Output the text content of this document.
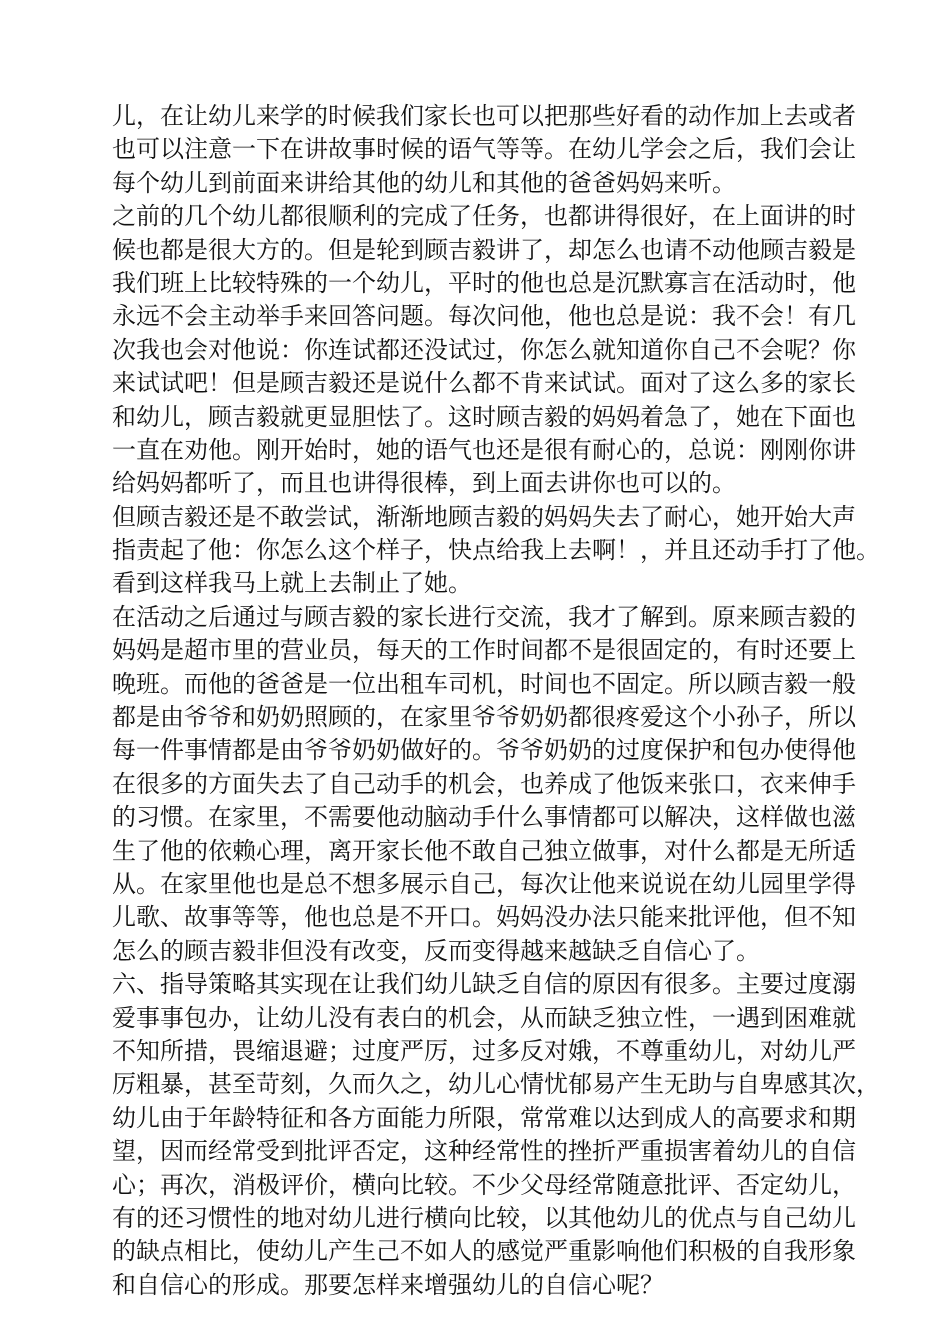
儿，在让幼儿来学的时候我们家长也可以把那些好看的动作加上去或者
也可以注意一下在讲故事时候的语气等等。在幼儿学会之后，我们会让
每个幼儿到前面来讲给其他的幼儿和其他的爸爸妈妈来听。
之前的几个幼儿都很顺利的完成了任务，也都讲得很好，在上面讲的时
候也都是很大方的。但是轮到顾吉毅讲了，却怎么也请不动他顾吉毅是
我们班上比较特殊的一个幼儿，平时的他也总是沉默寡言在活动时，他
永远不会主动举手来回答问题。每次问他，他也总是说：我不会！有几
次我也会对他说：你连试都还没试过，你怎么就知道你自己不会呢？你
来试试吧！但是顾吉毅还是说什么都不肯来试试。面对了这么多的家长
和幼儿，顾吉毅就更显胆怯了。这时顾吉毅的妈妈着急了，她在下面也
一直在劝他。刚开始时，她的语气也还是很有耐心的，总说：刚刚你讲
给妈妈都听了，而且也讲得很棒，到上面去讲你也可以的。
但顾吉毅还是不敢尝试，渐渐地顾吉毅的妈妈失去了耐心，她开始大声
指责起了他：你怎么这个样子，快点给我上去啊！，并且还动手打了他。
看到这样我马上就上去制止了她。
在活动之后通过与顾吉毅的家长进行交流，我才了解到。原来顾吉毅的
妈妈是超市里的营业员，每天的工作时间都不是很固定的，有时还要上
晚班。而他的爸爸是一位出租车司机，时间也不固定。所以顾吉毅一般
都是由爷爷和奶奶照顾的，在家里爷爷奶奶都很疼爱这个小孙子，所以
每一件事情都是由爷爷奶奶做好的。爷爷奶奶的过度保护和包办使得他
在很多的方面失去了自己动手的机会，也养成了他饭来张口，衣来伸手
的习惯。在家里，不需要他动脑动手什么事情都可以解决，这样做也滋
生了他的依赖心理，离开家长他不敢自己独立做事，对什么都是无所适
从。在家里他也是总不想多展示自己，每次让他来说说在幼儿园里学得
儿歌、故事等等，他也总是不开口。妈妈没办法只能来批评他，但不知
怎么的顾吉毅非但没有改变，反而变得越来越缺乏自信心了。
六、指导策略其实现在让我们幼儿缺乏自信的原因有很多。主要过度溺
爱事事包办，让幼儿没有表白的机会，从而缺乏独立性，一遇到困难就
不知所措，畏缩退避；过度严厉，过多反对娥，不尊重幼儿，对幼儿严
厉粗暴，甚至苛刻，久而久之，幼儿心情忧郁易产生无助与自卑感其次，
幼儿由于年龄特征和各方面能力所限，常常难以达到成人的高要求和期
望，因而经常受到批评否定，这种经常性的挫折严重损害着幼儿的自信
心；再次，消极评价，横向比较。不少父母经常随意批评、否定幼儿，
有的还习惯性的地对幼儿进行横向比较，以其他幼儿的优点与自己幼儿
的缺点相比，使幼儿产生己不如人的感觉严重影响他们积极的自我形象
和自信心的形成。那要怎样来增强幼儿的自信心呢？
